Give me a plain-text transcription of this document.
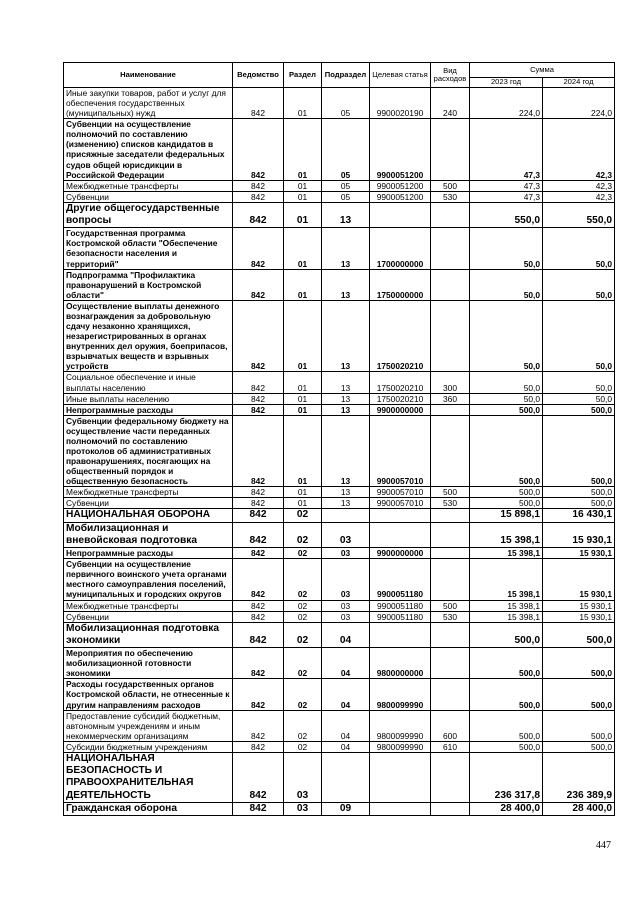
Наименование	Ведомство	Раздел	Подраздел	Целевая статья	Вид расходов	Сумма	
						2023 год	2024 год
Иные закупки товаров, работ и услуг для обеспечения государственных (муниципальных) нужд	842	01	05	9900020190	240	224,0	224,0
Субвенции на осуществление полномочий по составлению (изменению) списков кандидатов в присяжные заседатели федеральных судов общей юрисдикции в Российской Федерации	842	01	05	9900051200		47,3	42,3
Межбюджетные трансферты	842	01	05	9900051200	500	47,3	42,3
Субвенции	842	01	05	9900051200	530	47,3	42,3
Другие общегосударственные вопросы	842	01	13			550,0	550,0
Государственная программа Костромской области "Обеспечение безопасности населения и территорий"	842	01	13	1700000000		50,0	50,0
Подпрограмма "Профилактика правонарушений в Костромской области"	842	01	13	1750000000		50,0	50,0
Осуществление выплаты денежного вознаграждения за добровольную сдачу незаконно хранящихся, незарегистрированных в органах внутренних дел оружия, боеприпасов, взрывчатых веществ и взрывных устройств	842	01	13	1750020210		50,0	50,0
Социальное обеспечение и иные выплаты населению	842	01	13	1750020210	300	50,0	50,0
Иные выплаты населению	842	01	13	1750020210	360	50,0	50,0
Непрограммные расходы	842	01	13	9900000000		500,0	500,0
Субвенции федеральному бюджету на осуществление части переданных полномочий по составлению протоколов об административных правонарушениях, посягающих на общественный порядок и общественную безопасность	842	01	13	9900057010		500,0	500,0
Межбюджетные трансферты	842	01	13	9900057010	500	500,0	500,0
Субвенции	842	01	13	9900057010	530	500,0	500,0
НАЦИОНАЛЬНАЯ ОБОРОНА	842	02				15 898,1	16 430,1
Мобилизационная и вневойсковая подготовка	842	02	03			15 398,1	15 930,1
Непрограммные расходы	842	02	03	9900000000		15 398,1	15 930,1
Субвенции на осуществление первичного воинского учета органами местного самоуправления поселений, муниципальных и городских округов	842	02	03	9900051180		15 398,1	15 930,1
Межбюджетные трансферты	842	02	03	9900051180	500	15 398,1	15 930,1
Субвенции	842	02	03	9900051180	530	15 398,1	15 930,1
Мобилизационная подготовка экономики	842	02	04			500,0	500,0
Мероприятия по обеспечению мобилизационной готовности экономики	842	02	04	9800000000		500,0	500,0
Расходы государственных органов Костромской области, не отнесенные к другим направлениям расходов	842	02	04	9800099990		500,0	500,0
Предоставление субсидий бюджетным, автономным учреждениям и иным некоммерческим организациям	842	02	04	9800099990	600	500,0	500,0
Субсидии бюджетным учреждениям	842	02	04	9800099990	610	500,0	500,0
НАЦИОНАЛЬНАЯ БЕЗОПАСНОСТЬ И ПРАВООХРАНИТЕЛЬНАЯ ДЕЯТЕЛЬНОСТЬ	842	03				236 317,8	236 389,9
Гражданская оборона	842	03	09			28 400,0	28 400,0
447
